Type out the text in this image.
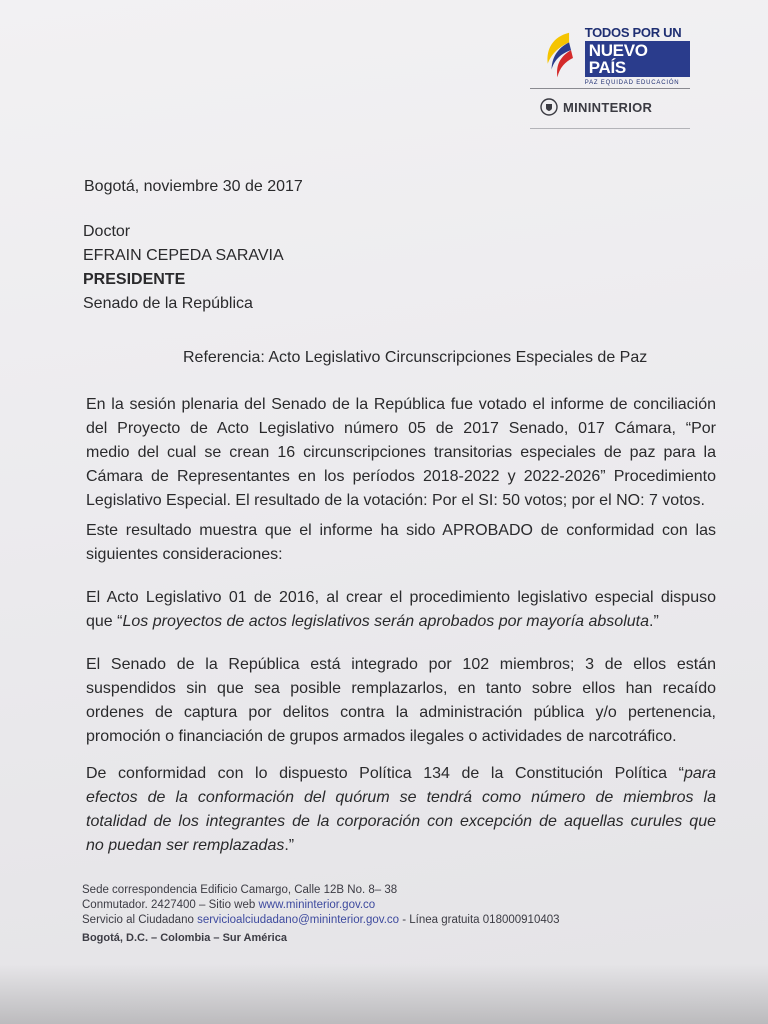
TODOS POR UN
NUEVO PAÍS
PAZ EQUIDAD EDUCACIÓN
MININTERIOR
Bogotá, noviembre 30 de 2017
Doctor
EFRAIN CEPEDA SARAVIA
PRESIDENTE
Senado de la República
Referencia: Acto Legislativo Circunscripciones Especiales de Paz
En la sesión plenaria del Senado de la República fue votado el informe de conciliación
del Proyecto de Acto Legislativo número 05 de 2017 Senado, 017 Cámara, “Por
medio del cual se crean 16 circunscripciones transitorias especiales de paz para la
Cámara de Representantes en los períodos 2018-2022 y 2022-2026” Procedimiento
Legislativo Especial. El resultado de la votación: Por el SI: 50 votos; por el NO: 7 votos.
Este resultado muestra que el informe ha sido APROBADO de conformidad con las
siguientes consideraciones:
El Acto Legislativo 01 de 2016, al crear el procedimiento legislativo especial dispuso
que “Los proyectos de actos legislativos serán aprobados por mayoría absoluta.”
El Senado de la República está integrado por 102 miembros; 3 de ellos están
suspendidos sin que sea posible remplazarlos, en tanto sobre ellos han recaído
ordenes de captura por delitos contra la administración pública y/o pertenencia,
promoción o financiación de grupos armados ilegales o actividades de narcotráfico.
De conformidad con lo dispuesto Política 134 de la Constitución Política “para
efectos de la conformación del quórum se tendrá como número de miembros la
totalidad de los integrantes de la corporación con excepción de aquellas curules que
no puedan ser remplazadas.”
Sede correspondencia Edificio Camargo, Calle 12B No. 8– 38
Conmutador. 2427400 – Sitio web www.mininterior.gov.co
Servicio al Ciudadano servicioalciudadano@mininterior.gov.co - Línea gratuita 018000910403
Bogotá, D.C. – Colombia – Sur América
